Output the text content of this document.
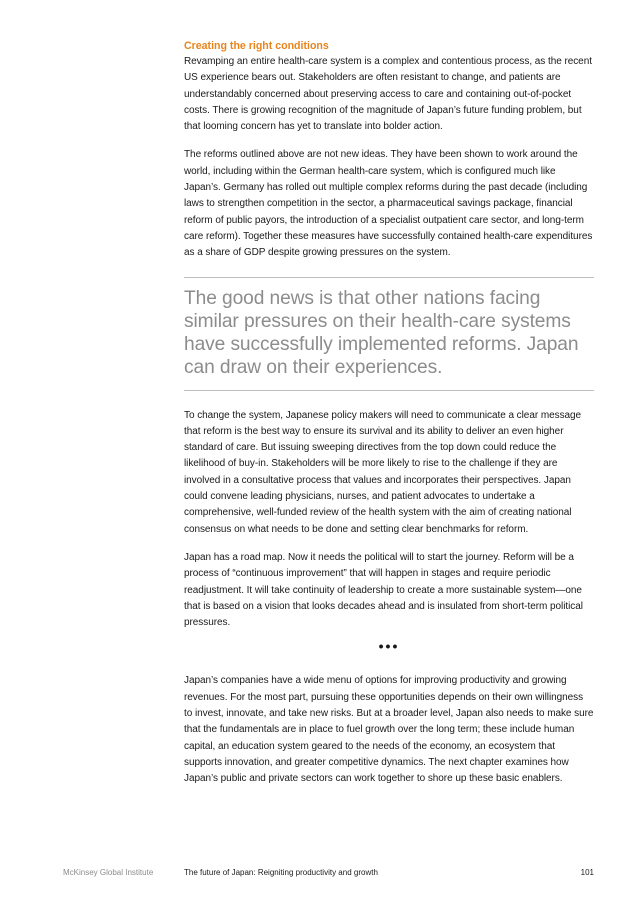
Creating the right conditions

Revamping an entire health-care system is a complex and contentious process, as the recent US experience bears out. Stakeholders are often resistant to change, and patients are understandably concerned about preserving access to care and containing out-of-pocket costs. There is growing recognition of the magnitude of Japan’s future funding problem, but that looming concern has yet to translate into bolder action.

The reforms outlined above are not new ideas. They have been shown to work around the world, including within the German health-care system, which is configured much like Japan’s. Germany has rolled out multiple complex reforms during the past decade (including laws to strengthen competition in the sector, a pharmaceutical savings package, financial reform of public payors, the introduction of a specialist outpatient care sector, and long-term care reform). Together these measures have successfully contained health-care expenditures as a share of GDP despite growing pressures on the system.

The good news is that other nations facing similar pressures on their health-care systems have successfully implemented reforms. Japan can draw on their experiences.

To change the system, Japanese policy makers will need to communicate a clear message that reform is the best way to ensure its survival and its ability to deliver an even higher standard of care. But issuing sweeping directives from the top down could reduce the likelihood of buy-in. Stakeholders will be more likely to rise to the challenge if they are involved in a consultative process that values and incorporates their perspectives. Japan could convene leading physicians, nurses, and patient advocates to undertake a comprehensive, well-funded review of the health system with the aim of creating national consensus on what needs to be done and setting clear benchmarks for reform.

Japan has a road map. Now it needs the political will to start the journey. Reform will be a process of “continuous improvement” that will happen in stages and require periodic readjustment. It will take continuity of leadership to create a more sustainable system—one that is based on a vision that looks decades ahead and is insulated from short-term political pressures.

•••

Japan’s companies have a wide menu of options for improving productivity and growing revenues. For the most part, pursuing these opportunities depends on their own willingness to invest, innovate, and take new risks. But at a broader level, Japan also needs to make sure that the fundamentals are in place to fuel growth over the long term; these include human capital, an education system geared to the needs of the economy, an ecosystem that supports innovation, and greater competitive dynamics. The next chapter examines how Japan’s public and private sectors can work together to shore up these basic enablers.

McKinsey Global Institute	The future of Japan: Reigniting productivity and growth	101
